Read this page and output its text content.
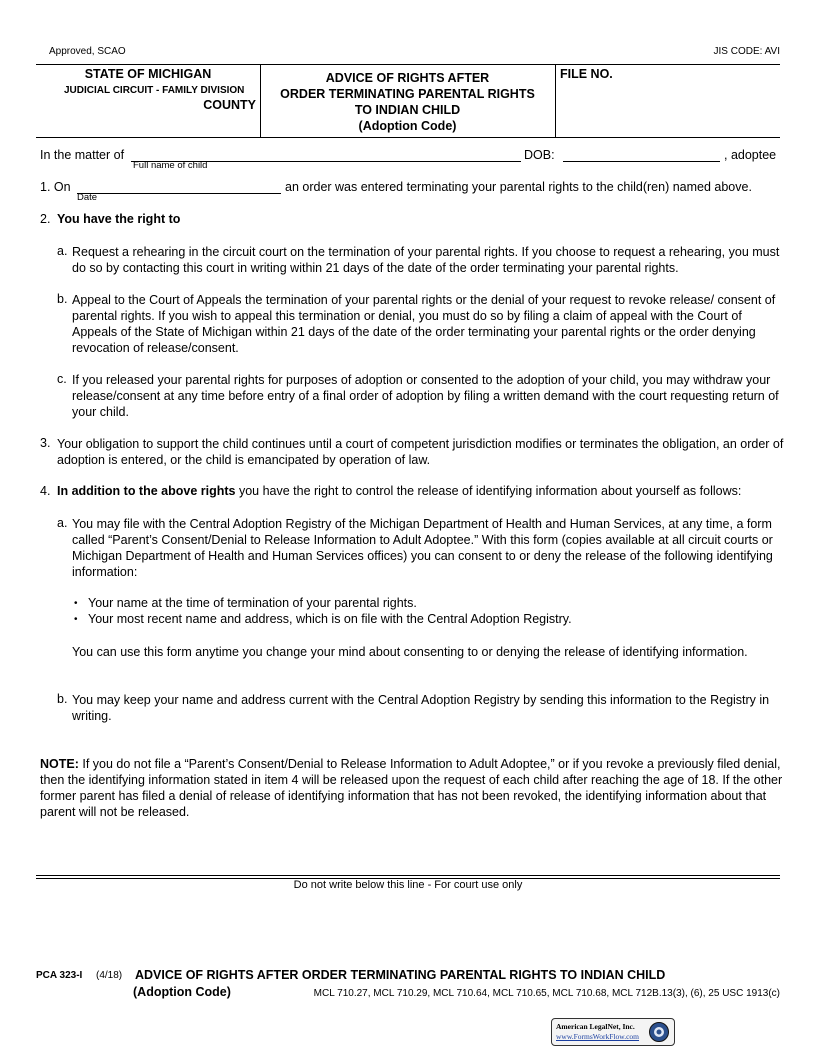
Approved, SCAO	JIS CODE: AVI
STATE OF MICHIGAN
JUDICIAL CIRCUIT - FAMILY DIVISION
COUNTY
ADVICE OF RIGHTS AFTER
ORDER TERMINATING PARENTAL RIGHTS
TO INDIAN CHILD
(Adoption Code)
FILE NO.
In the matter of
Full name of child
DOB:	, adoptee
1. On
Date
an order was entered terminating your parental rights to the child(ren) named above.
2. You have the right to
a. Request a rehearing in the circuit court on the termination of your parental rights. If you choose to request a rehearing, you must do so by contacting this court in writing within 21 days of the date of the order terminating your parental rights.
b. Appeal to the Court of Appeals the termination of your parental rights or the denial of your request to revoke release/ consent of parental rights. If you wish to appeal this termination or denial, you must do so by filing a claim of appeal with the Court of Appeals of the State of Michigan within 21 days of the date of the order terminating your parental rights or the order denying revocation of release/consent.
c. If you released your parental rights for purposes of adoption or consented to the adoption of your child, you may withdraw your release/consent at any time before entry of a final order of adoption by filing a written demand with the court requesting return of your child.
3. Your obligation to support the child continues until a court of competent jurisdiction modifies or terminates the obligation, an order of adoption is entered, or the child is emancipated by operation of law.
4. In addition to the above rights you have the right to control the release of identifying information about yourself as follows:
a. You may file with the Central Adoption Registry of the Michigan Department of Health and Human Services, at any time, a form called “Parent’s Consent/Denial to Release Information to Adult Adoptee.” With this form (copies available at all circuit courts or Michigan Department of Health and Human Services offices) you can consent to or deny the release of the following identifying information:
• Your name at the time of termination of your parental rights.
• Your most recent name and address, which is on file with the Central Adoption Registry.
You can use this form anytime you change your mind about consenting to or denying the release of identifying information.
b. You may keep your name and address current with the Central Adoption Registry by sending this information to the Registry in writing.
NOTE: If you do not file a “Parent’s Consent/Denial to Release Information to Adult Adoptee,” or if you revoke a previously filed denial, then the identifying information stated in item 4 will be released upon the request of each child after reaching the age of 18. If the other former parent has filed a denial of release of identifying information that has not been revoked, the identifying information about that parent will not be released.
Do not write below this line - For court use only
PCA 323-I (4/18) ADVICE OF RIGHTS AFTER ORDER TERMINATING PARENTAL RIGHTS TO INDIAN CHILD
(Adoption Code)	MCL 710.27, MCL 710.29, MCL 710.64, MCL 710.65, MCL 710.68, MCL 712B.13(3), (6), 25 USC 1913(c)
American LegalNet, Inc.
www.FormsWorkFlow.com
